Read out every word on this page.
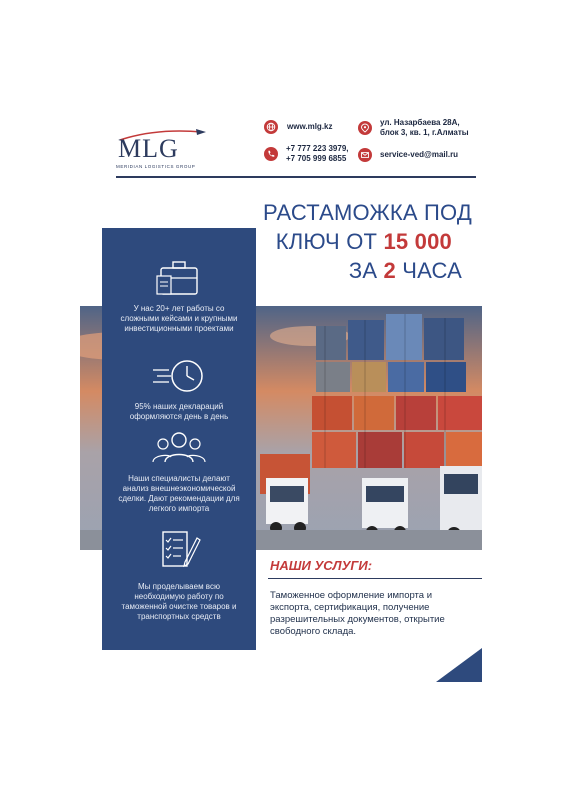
MLG
MERIDIAN LOGISTICS GROUP
www.mlg.kz	ул. Назарбаева 28А,
блок 3, кв. 1, г.Алматы
+7 777 223 3979,
+7 705 999 6855	service-ved@mail.ru
РАСТАМОЖКА ПОД
КЛЮЧ ОТ 15 000
ЗА 2 ЧАСА
У нас 20+ лет работы со сложными кейсами и крупными инвестиционными проектами
95% наших деклараций оформляются день в день
Наши специалисты делают анализ внешнеэкономической сделки. Дают рекомендации для легкого импорта
Мы проделываем всю необходимую работу по таможенной очистке товаров и транспортных средств
НАШИ УСЛУГИ:
Таможенное оформление импорта и экспорта, сертификация, получение разрешительных документов, открытие свободного склада.
